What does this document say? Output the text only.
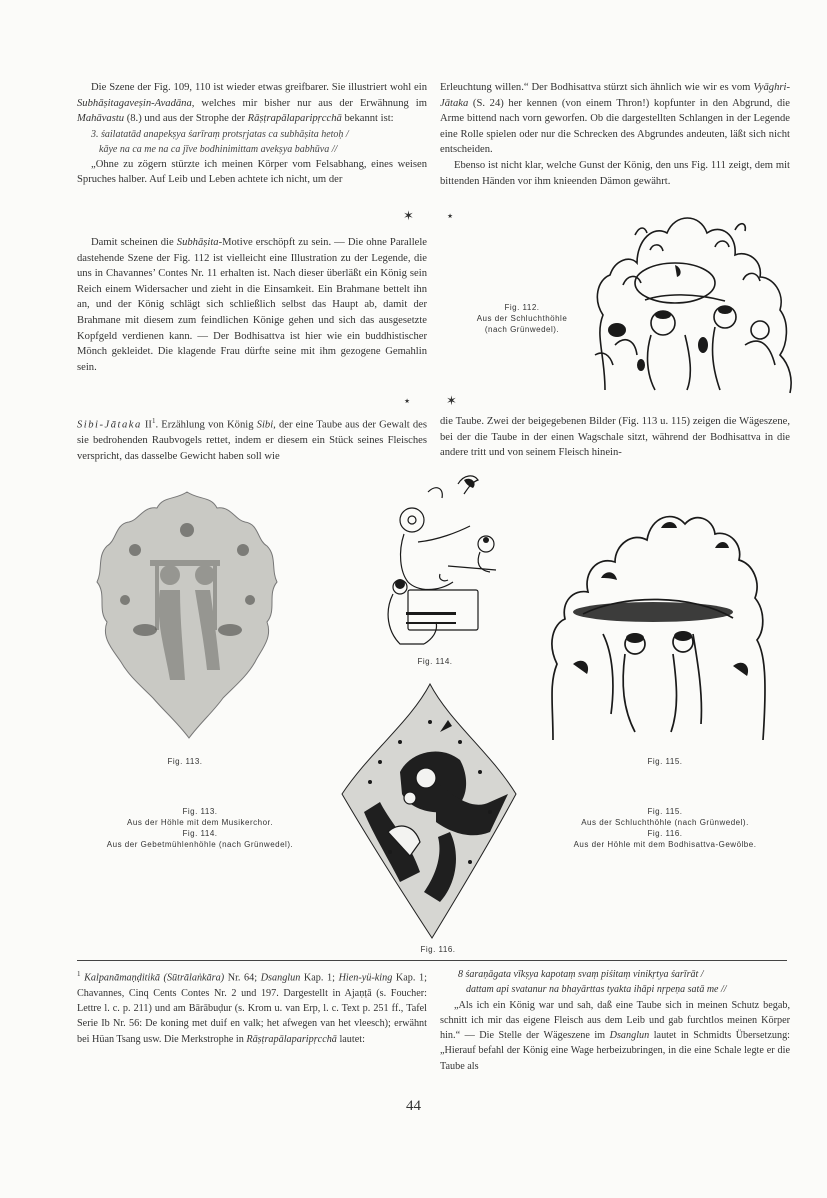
Die Szene der Fig. 109, 110 ist wieder etwas greifbarer. Sie illustriert wohl ein Subhāṣitagaveṣin-Avadāna, welches mir bisher nur aus der Erwähnung im Mahāvastu (8.) und aus der Strophe der Rāṣṭrapālaparipṛcchā bekannt ist:

3. śailatatād anapekṣya śarīraṃ protsṛjatas ca subhāṣita hetoḥ /
kāye na ca me na ca jīve bodhinimittam avekṣya babhūva //

„Ohne zu zögern stürzte ich meinen Körper vom Felsabhang, eines weisen Spruches halber. Auf Leib und Leben achtete ich nicht, um der

Erleuchtung willen.“ Der Bodhisattva stürzt sich ähnlich wie wir es vom Vyāghri-Jātaka (S. 24) her kennen (von einem Thron!) kopfunter in den Abgrund, die Arme bittend nach vorn geworfen. Ob die dargestellten Schlangen in der Legende eine Rolle spielen oder nur die Schrecken des Abgrundes andeuten, läßt sich nicht entscheiden.

Ebenso ist nicht klar, welche Gunst der König, den uns Fig. 111 zeigt, dem mit bittenden Händen vor ihm knieenden Dämon gewährt.

✶ ⋆

Damit scheinen die Subhāṣita-Motive erschöpft zu sein. — Die ohne Parallele dastehende Szene der Fig. 112 ist vielleicht eine Illustration zu der Legende, die uns in Chavannes’ Contes Nr. 11 erhalten ist. Nach dieser überläßt ein König sein Reich einem Widersacher und zieht in die Einsamkeit. Ein Brahmane bettelt ihn an, und der König schlägt sich schließlich selbst das Haupt ab, damit der Brahmane mit diesem zum feindlichen Könige gehen und sich das ausgesetzte Kopfgeld verdienen kann. — Der Bodhisattva ist hier wie ein buddhistischer Mönch gekleidet. Die klagende Frau dürfte seine mit ihm gezogene Gemahlin sein.

Fig. 112.
Aus der Schluchthöhle
(nach Grünwedel).
⋆	✶

Sibi-Jātaka $II^1$. Erzählung von König Sibi, der eine Taube aus der Gewalt des sie bedrohenden Raubvogels rettet, indem er diesem ein Stück seines Fleisches verspricht, das dasselbe Gewicht haben soll wie

die Taube. Zwei der beigegebenen Bilder (Fig. 113 u. 115) zeigen die Wägeszene, bei der die Taube in der einen Wagschale sitzt, während der Bodhisattva in die andere tritt und von seinem Fleisch hinein-

Fig. 113.
Fig. 114.
Fig. 115.
Fig. 113.
Aus der Höhle mit dem Musikerchor.
Fig. 114.
Aus der Gebetmühlenhöhle (nach Grünwedel).
Fig. 115.
Aus der Schluchthöhle (nach Grünwedel).
Fig. 116.
Aus der Höhle mit dem Bodhisattva-Gewölbe.
Fig. 116.

$^1$ Kalpanāmaṇḍitikā (Sūtrālaṅkāra) Nr. 64; Dsanglun Kap. 1; Hien-yü-king Kap. 1; Chavannes, Cinq Cents Contes Nr. 2 und 197. Dargestellt in Ajaṇṭā (s. Foucher: Lettre l. c. p. 211) und am Bārābuḍur (s. Krom u. van Erp, l. c. Text p. 251 ff., Tafel Serie Ib Nr. 56: De koning met duif en valk; het afwegen van het vleesch); erwähnt bei Hüan Tsang usw. Die Merkstrophe in Rāṣṭrapālaparipṛcchā lautet:

8 śaraṇāgata vīkṣya kapotaṃ svaṃ piśitaṃ vinikṛtya śarīrāt /
dattam api svatanur na bhayārttas tyakta ihāpi nṛpeṇa satā me //

„Als ich ein König war und sah, daß eine Taube sich in meinen Schutz begab, schnitt ich mir das eigene Fleisch aus dem Leib und gab furchtlos meinen Körper hin.“ — Die Stelle der Wägeszene im Dsanglun lautet in Schmidts Übersetzung: „Hierauf befahl der König eine Wage herbeizubringen, in die eine Schale legte er die Taube als

44
